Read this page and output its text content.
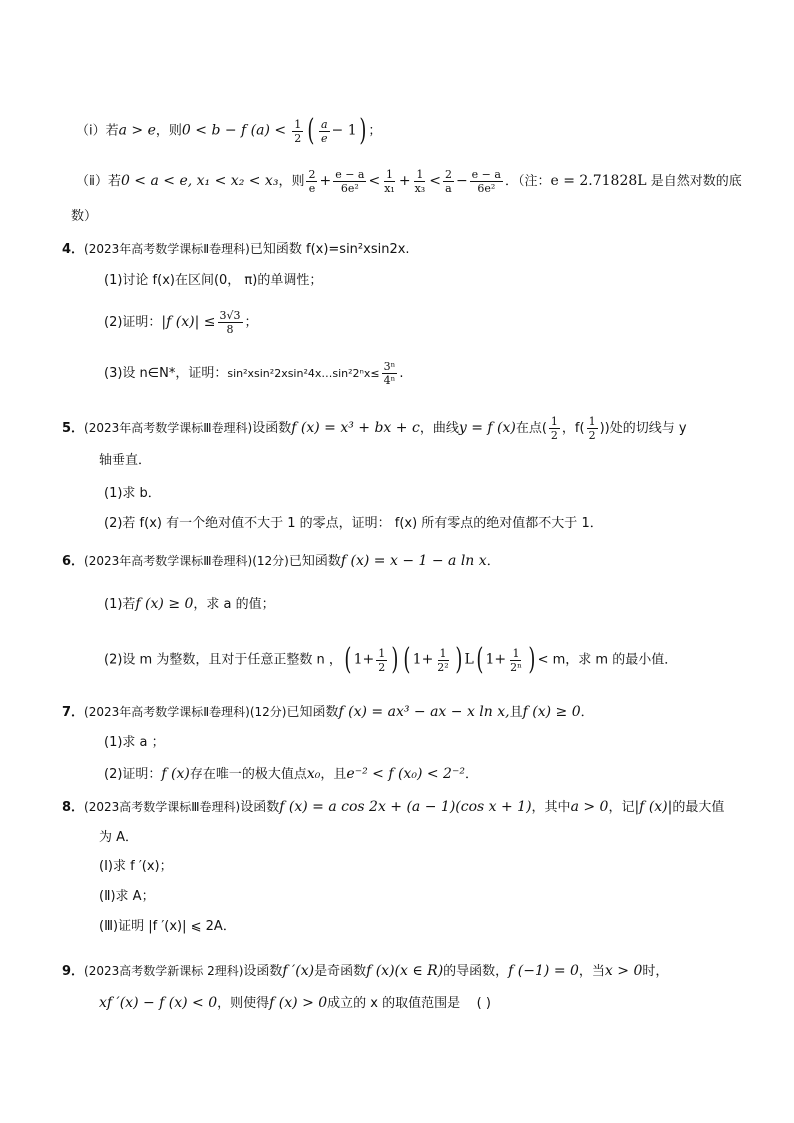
（ⅰ）若a > e，则0 < b − f $(a) < \frac{1}{2}$ ( $\frac{a}{e} - 1$) ；
（ⅱ）若0 < a < e, x₁ < x₂ < x₃，则 $\frac{2}{e} + \frac{e - a}{\text{6e²}} < \frac{1}{\text{x₁}} + \frac{1}{\text{x₃}} < \frac{2}{a} - \frac{e - a}{\text{6e²}}$ ．（注：e = 2.71828L 是自然对数的底
数）
4．(2023年高考数学课标Ⅱ卷理科)已知函数 f(x)=sin²xsin2x.
(1)讨论 f(x)在区间(0， π)的单调性；
(2)证明：|f $(x)| \le \frac{3√3}{8}$ ；
(3)设 n∈N*，证明：sin²xsin²2xsin²4x…sin²2ⁿx≤ $\frac{\text{3ⁿ}}{\text{4ⁿ}}$ .
5．(2023年高考数学课标Ⅲ卷理科)设函数f (x) = x³ + bx + c，曲线y = f (x)在点( $\frac{1}{2}$ ，$f( \frac{1}{2}$ ))处的切线与 y
轴垂直．
(1)求 b．
(2)若 f(x) 有一个绝对值不大于 1 的零点，证明： f(x) 所有零点的绝对值都不大于 1．
6．(2023年高考数学课标Ⅲ卷理科)(12分)已知函数f (x) = x − 1 − a ln x．
(1)若f (x) ≥ 0，求 a 的值；
(2)设 m 为整数，且对于任意正整数 n ，( $1+ \frac{1}{2}$ ) ( $1+ \frac{1}{\text{2²}}$ ) L( $1+ \frac{1}{\text{2ⁿ}}$ ) < m，求 m 的最小值．
7．(2023年高考数学课标Ⅱ卷理科)(12分)已知函数f (x) = ax³ − ax − x ln x,且f (x) ≥ 0．
(1)求 a ；
(2)证明：f (x)存在唯一的极大值点x₀，且e⁻² < f (x₀) < 2⁻²．
8．(2023高考数学课标Ⅲ卷理科)设函数f (x) = a cos 2x + (a − 1)(cos x + 1)，其中a > 0，记|f (x)|的最大值
为 A．
(Ⅰ)求 f ′(x)；
(Ⅱ)求 A；
(Ⅲ)证明 |f ′(x)| ⩽ 2A．
9．(2023高考数学新课标 2理科)设函数f ′(x)是奇函数f (x)(x ∈ R)的导函数，f (−1) = 0，当x > 0时，
xf ′(x) − f (x) < 0，则使得f (x) > 0成立的 x 的取值范围是 ( )
